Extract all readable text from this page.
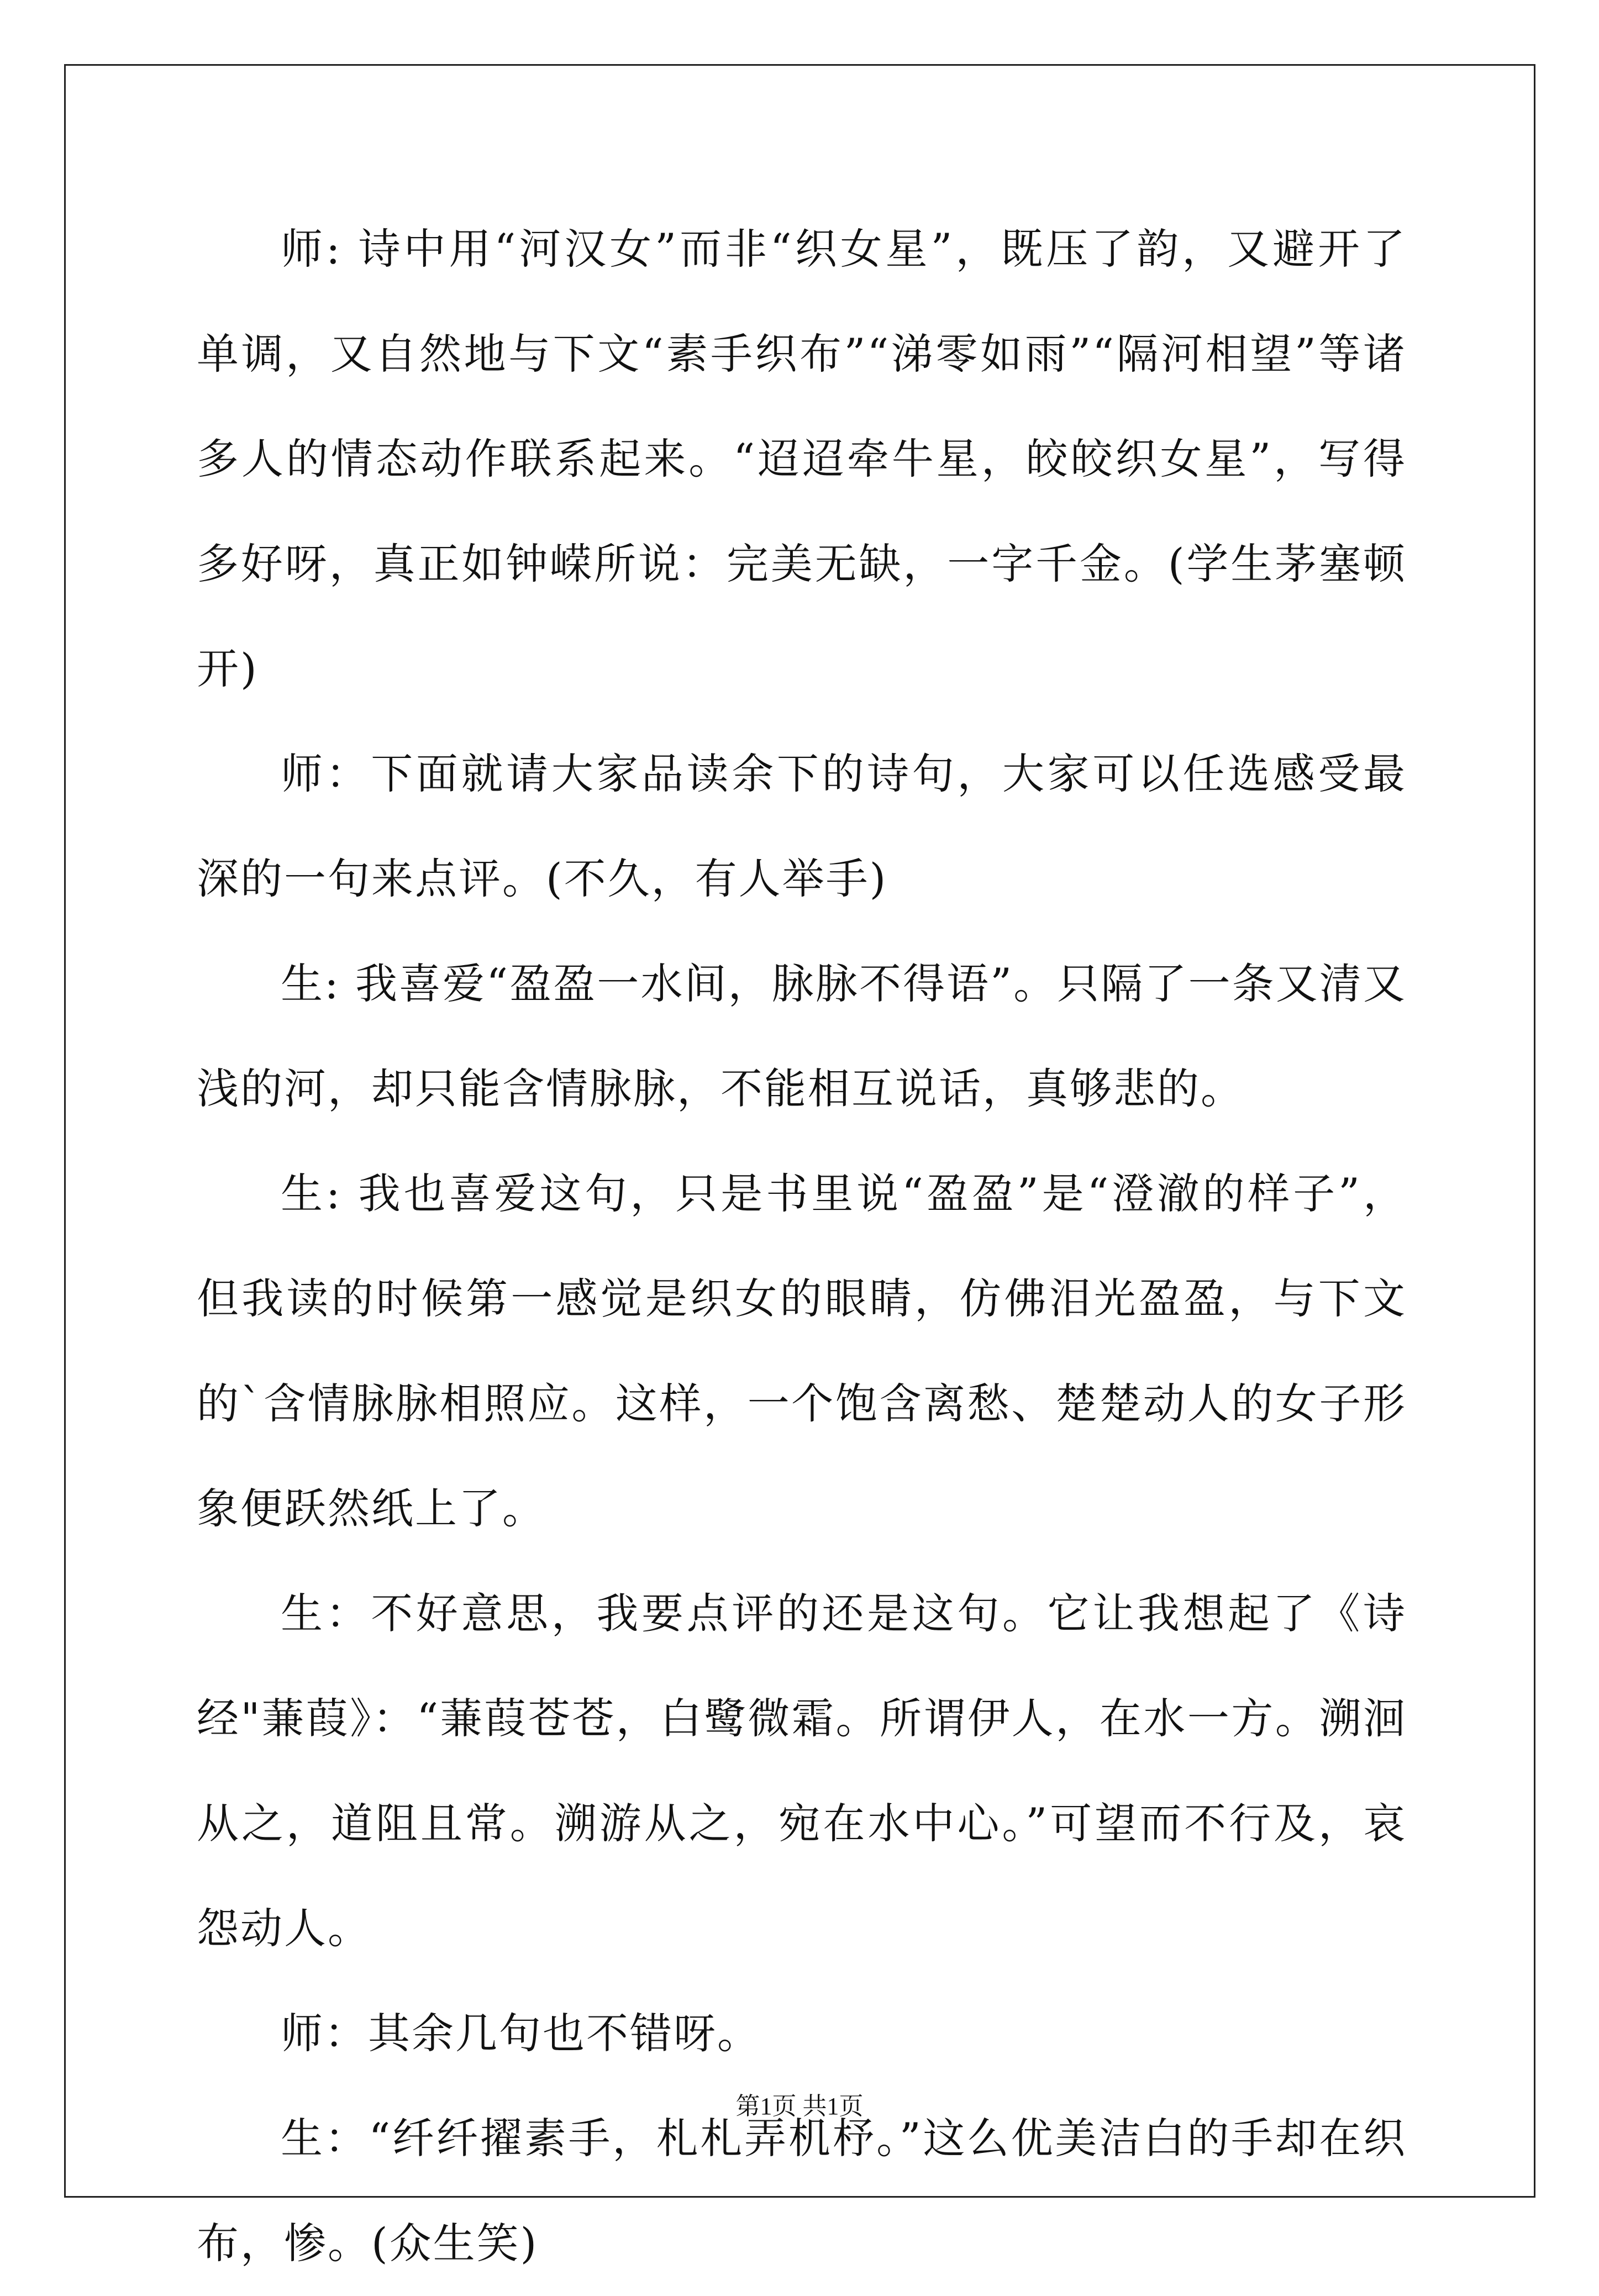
师: 诗中用“河汉女”而非“织女星”，既压了韵，又避开了单调，又自然地与下文“素手织布”“涕零如雨”“隔河相望”等诸多人的情态动作联系起来。“迢迢牵牛星，皎皎织女星”，写得多好呀，真正如钟嵘所说：完美无缺，一字千金。(学生茅塞顿开)

师：下面就请大家品读余下的诗句，大家可以任选感受最深的一句来点评。(不久，有人举手)

生: 我喜爱“盈盈一水间，脉脉不得语”。只隔了一条又清又浅的河，却只能含情脉脉，不能相互说话，真够悲的。

生: 我也喜爱这句，只是书里说“盈盈”是“澄澈的样子”，但我读的时候第一感觉是织女的眼睛，仿佛泪光盈盈，与下文的`含情脉脉相照应。这样，一个饱含离愁、楚楚动人的女子形象便跃然纸上了。

生：不好意思，我要点评的还是这句。它让我想起了《诗经"蒹葭》：“蒹葭苍苍，白鹭微霜。所谓伊人，在水一方。溯洄从之，道阻且常。溯游从之，宛在水中心。”可望而不行及，哀怨动人。

师：其余几句也不错呀。

生：“纤纤擢素手，札札弄机杼。”这么优美洁白的手却在织布，惨。(众生笑)

第1页 共1页
